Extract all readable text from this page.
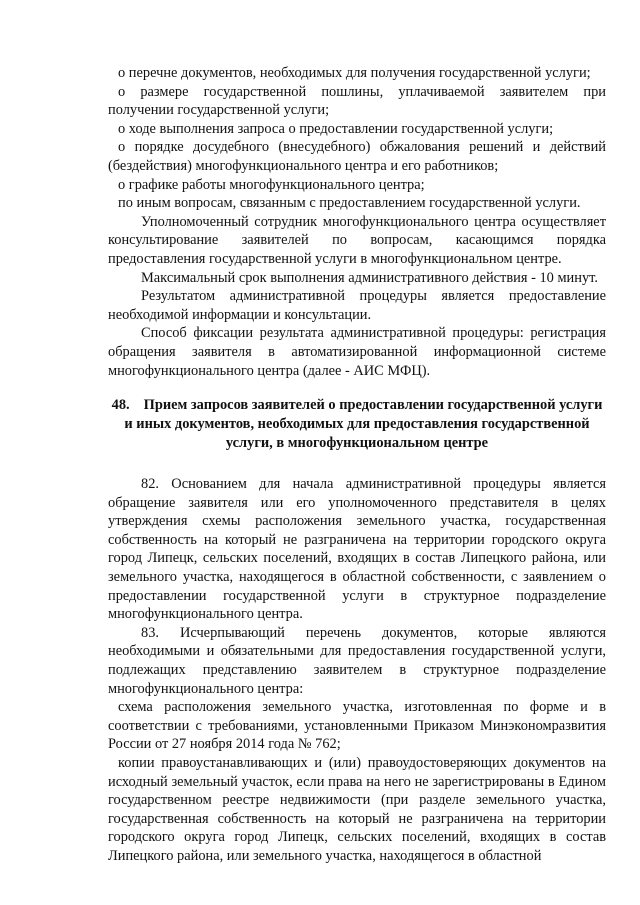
о перечне документов, необходимых для получения государственной услуги;

о размере государственной пошлины, уплачиваемой заявителем при получении государственной услуги;

о ходе выполнения запроса о предоставлении государственной услуги;

о порядке досудебного (внесудебного) обжалования решений и действий (бездействия) многофункционального центра и его работников;

о графике работы многофункционального центра;

по иным вопросам, связанным с предоставлением государственной услуги.

Уполномоченный сотрудник многофункционального центра осуществляет консультирование заявителей по вопросам, касающимся порядка предоставления государственной услуги в многофункциональном центре.

Максимальный срок выполнения административного действия - 10 минут.

Результатом административной процедуры является предоставление необходимой информации и консультации.

Способ фиксации результата административной процедуры: регистрация обращения заявителя в автоматизированной информационной системе многофункционального центра (далее - АИС МФЦ).

48. Прием запросов заявителей о предоставлении государственной услуги и иных документов, необходимых для предоставления государственной услуги, в многофункциональном центре

82. Основанием для начала административной процедуры является обращение заявителя или его уполномоченного представителя в целях утверждения схемы расположения земельного участка, государственная собственность на который не разграничена на территории городского округа город Липецк, сельских поселений, входящих в состав Липецкого района, или земельного участка, находящегося в областной собственности, с заявлением о предоставлении государственной услуги в структурное подразделение многофункционального центра.

83. Исчерпывающий перечень документов, которые являются необходимыми и обязательными для предоставления государственной услуги, подлежащих представлению заявителем в структурное подразделение многофункционального центра:

схема расположения земельного участка, изготовленная по форме и в соответствии с требованиями, установленными Приказом Минэкономразвития России от 27 ноября 2014 года № 762;

копии правоустанавливающих и (или) правоудостоверяющих документов на исходный земельный участок, если права на него не зарегистрированы в Едином государственном реестре недвижимости (при разделе земельного участка, государственная собственность на который не разграничена на территории городского округа город Липецк, сельских поселений, входящих в состав Липецкого района, или земельного участка, находящегося в областной
